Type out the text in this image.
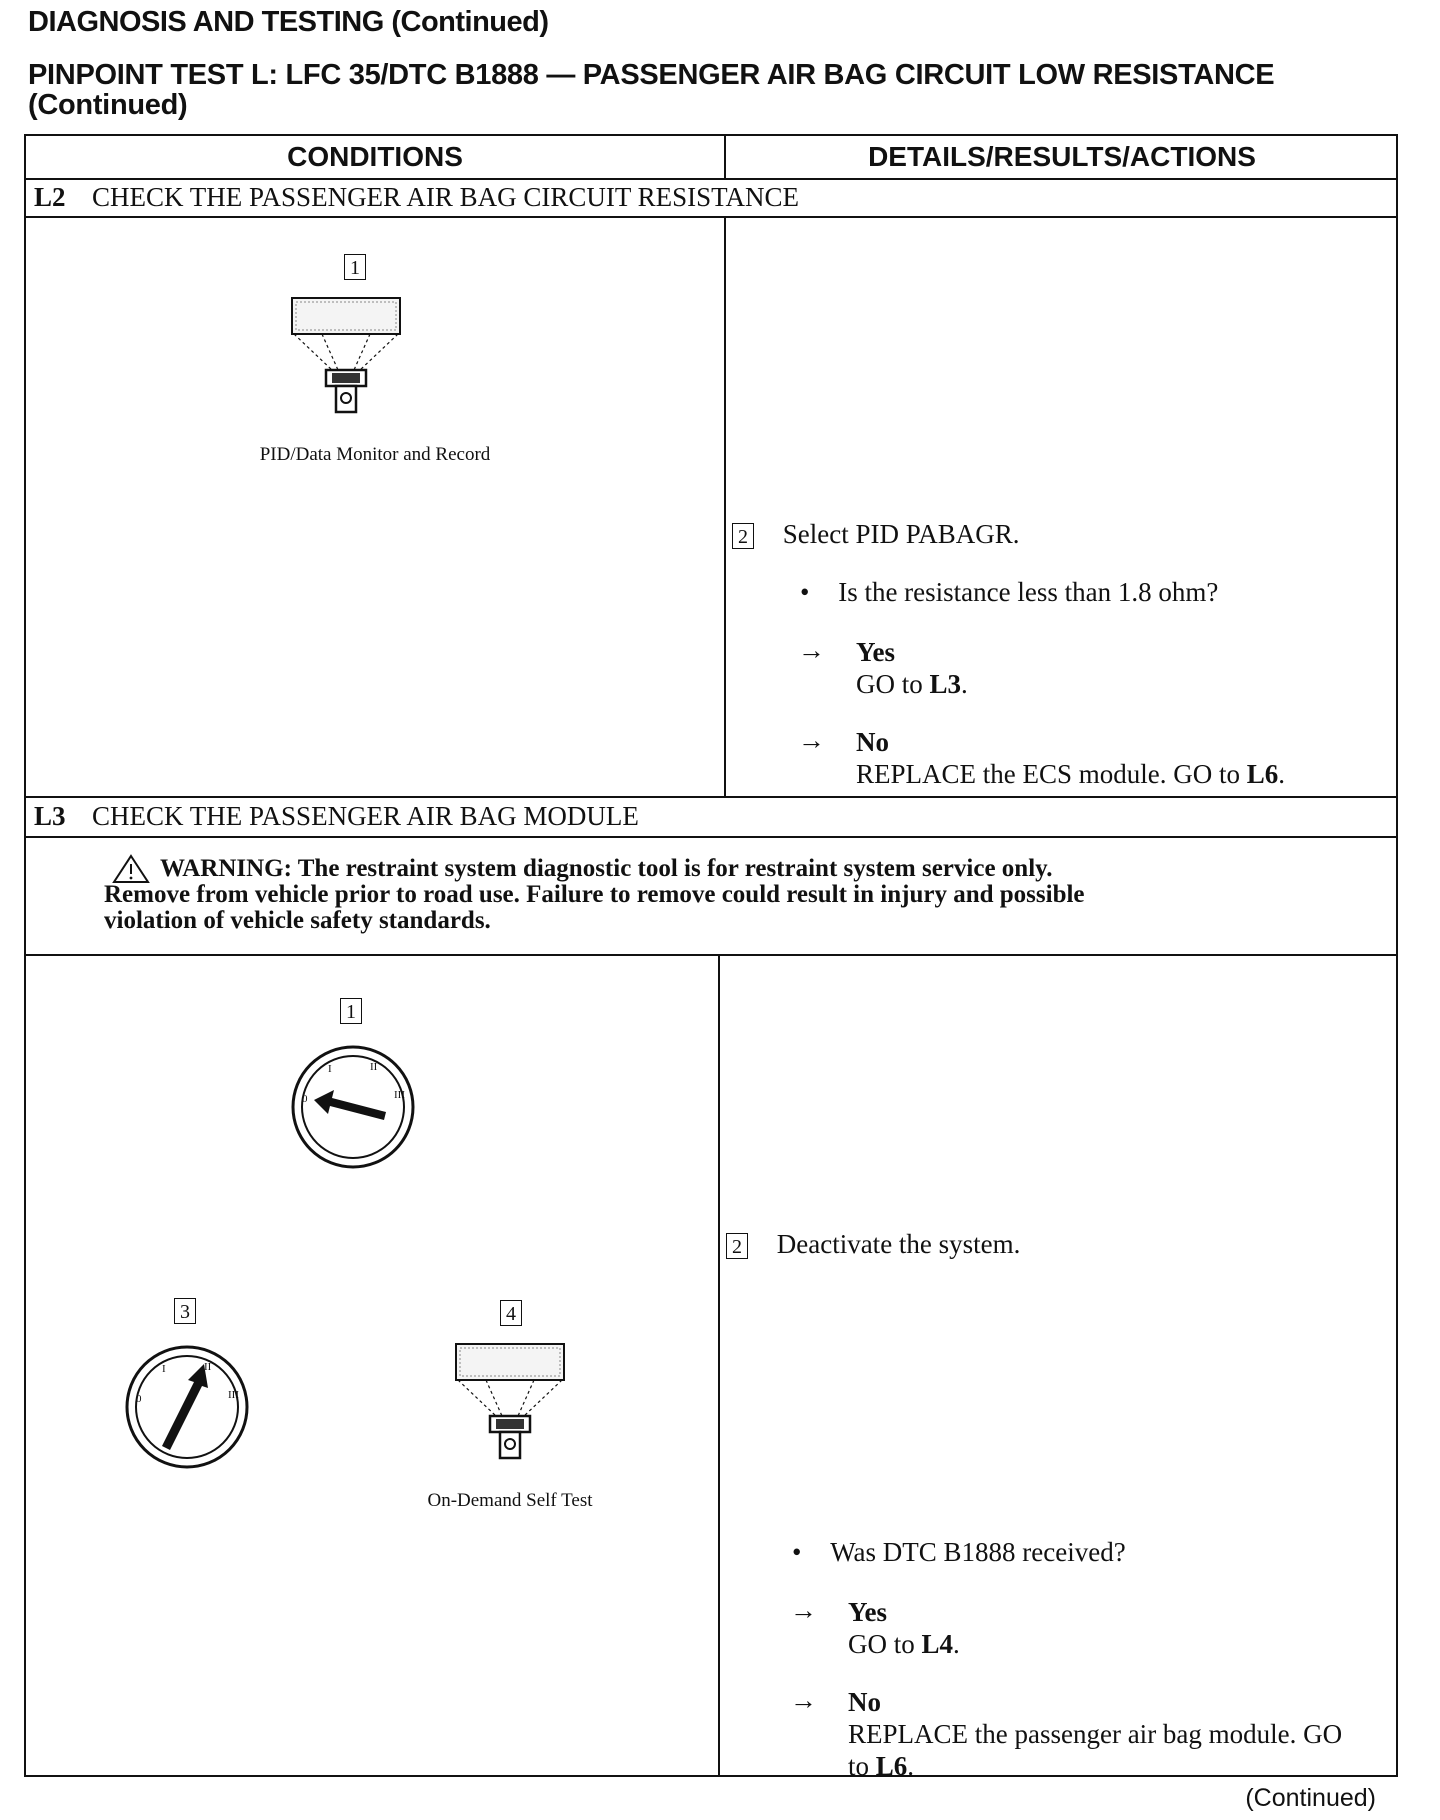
DIAGNOSIS AND TESTING (Continued)
PINPOINT TEST L: LFC 35/DTC B1888 — PASSENGER AIR BAG CIRCUIT LOW RESISTANCE
(Continued)
CONDITIONS	DETAILS/RESULTS/ACTIONS
L2 CHECK THE PASSENGER AIR BAG CIRCUIT RESISTANCE
1
PID/Data Monitor and Record
2 Select PID PABAGR.
• Is the resistance less than 1.8 ohm?
→ Yes
GO to L3.
→ No
REPLACE the ECS module. GO to L6.
L3 CHECK THE PASSENGER AIR BAG MODULE
WARNING: The restraint system diagnostic tool is for restraint system service only.
Remove from vehicle prior to road use. Failure to remove could result in injury and possible
violation of vehicle safety standards.
1
0
I	II
III
3
0
I	II
III
4
On-Demand Self Test
2 Deactivate the system.
• Was DTC B1888 received?
→ Yes
GO to L4.
→ No
REPLACE the passenger air bag module. GO
to L6.
(Continued)
